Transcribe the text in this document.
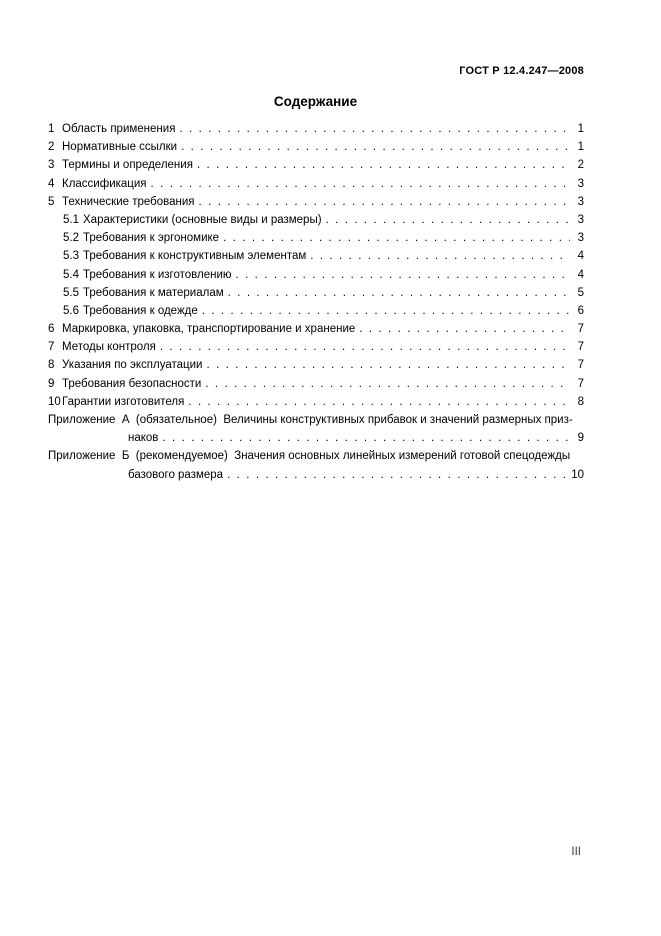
ГОСТ Р 12.4.247—2008
Содержание
1 Область применения . . .	1
2 Нормативные ссылки . . .	1
3 Термины и определения . . .	2
4 Классификация . . .	3
5 Технические требования . . .	3
5.1 Характеристики (основные виды и размеры) . . .	3
5.2 Требования к эргономике . . .	3
5.3 Требования к конструктивным элементам . . .	4
5.4 Требования к изготовлению . . .	4
5.5 Требования к материалам . . .	5
5.6 Требования к одежде . . .	6
6 Маркировка, упаковка, транспортирование и хранение . . .	7
7 Методы контроля . . .	7
8 Указания по эксплуатации . . .	7
9 Требования безопасности . . .	7
10 Гарантии изготовителя . . .	8
Приложение  А  (обязательное)  Величины конструктивных прибавок и значений размерных приз-
наков . . .	9
Приложение  Б  (рекомендуемое)  Значения основных линейных измерений готовой спецодежды
базового размера . . .	10
III
